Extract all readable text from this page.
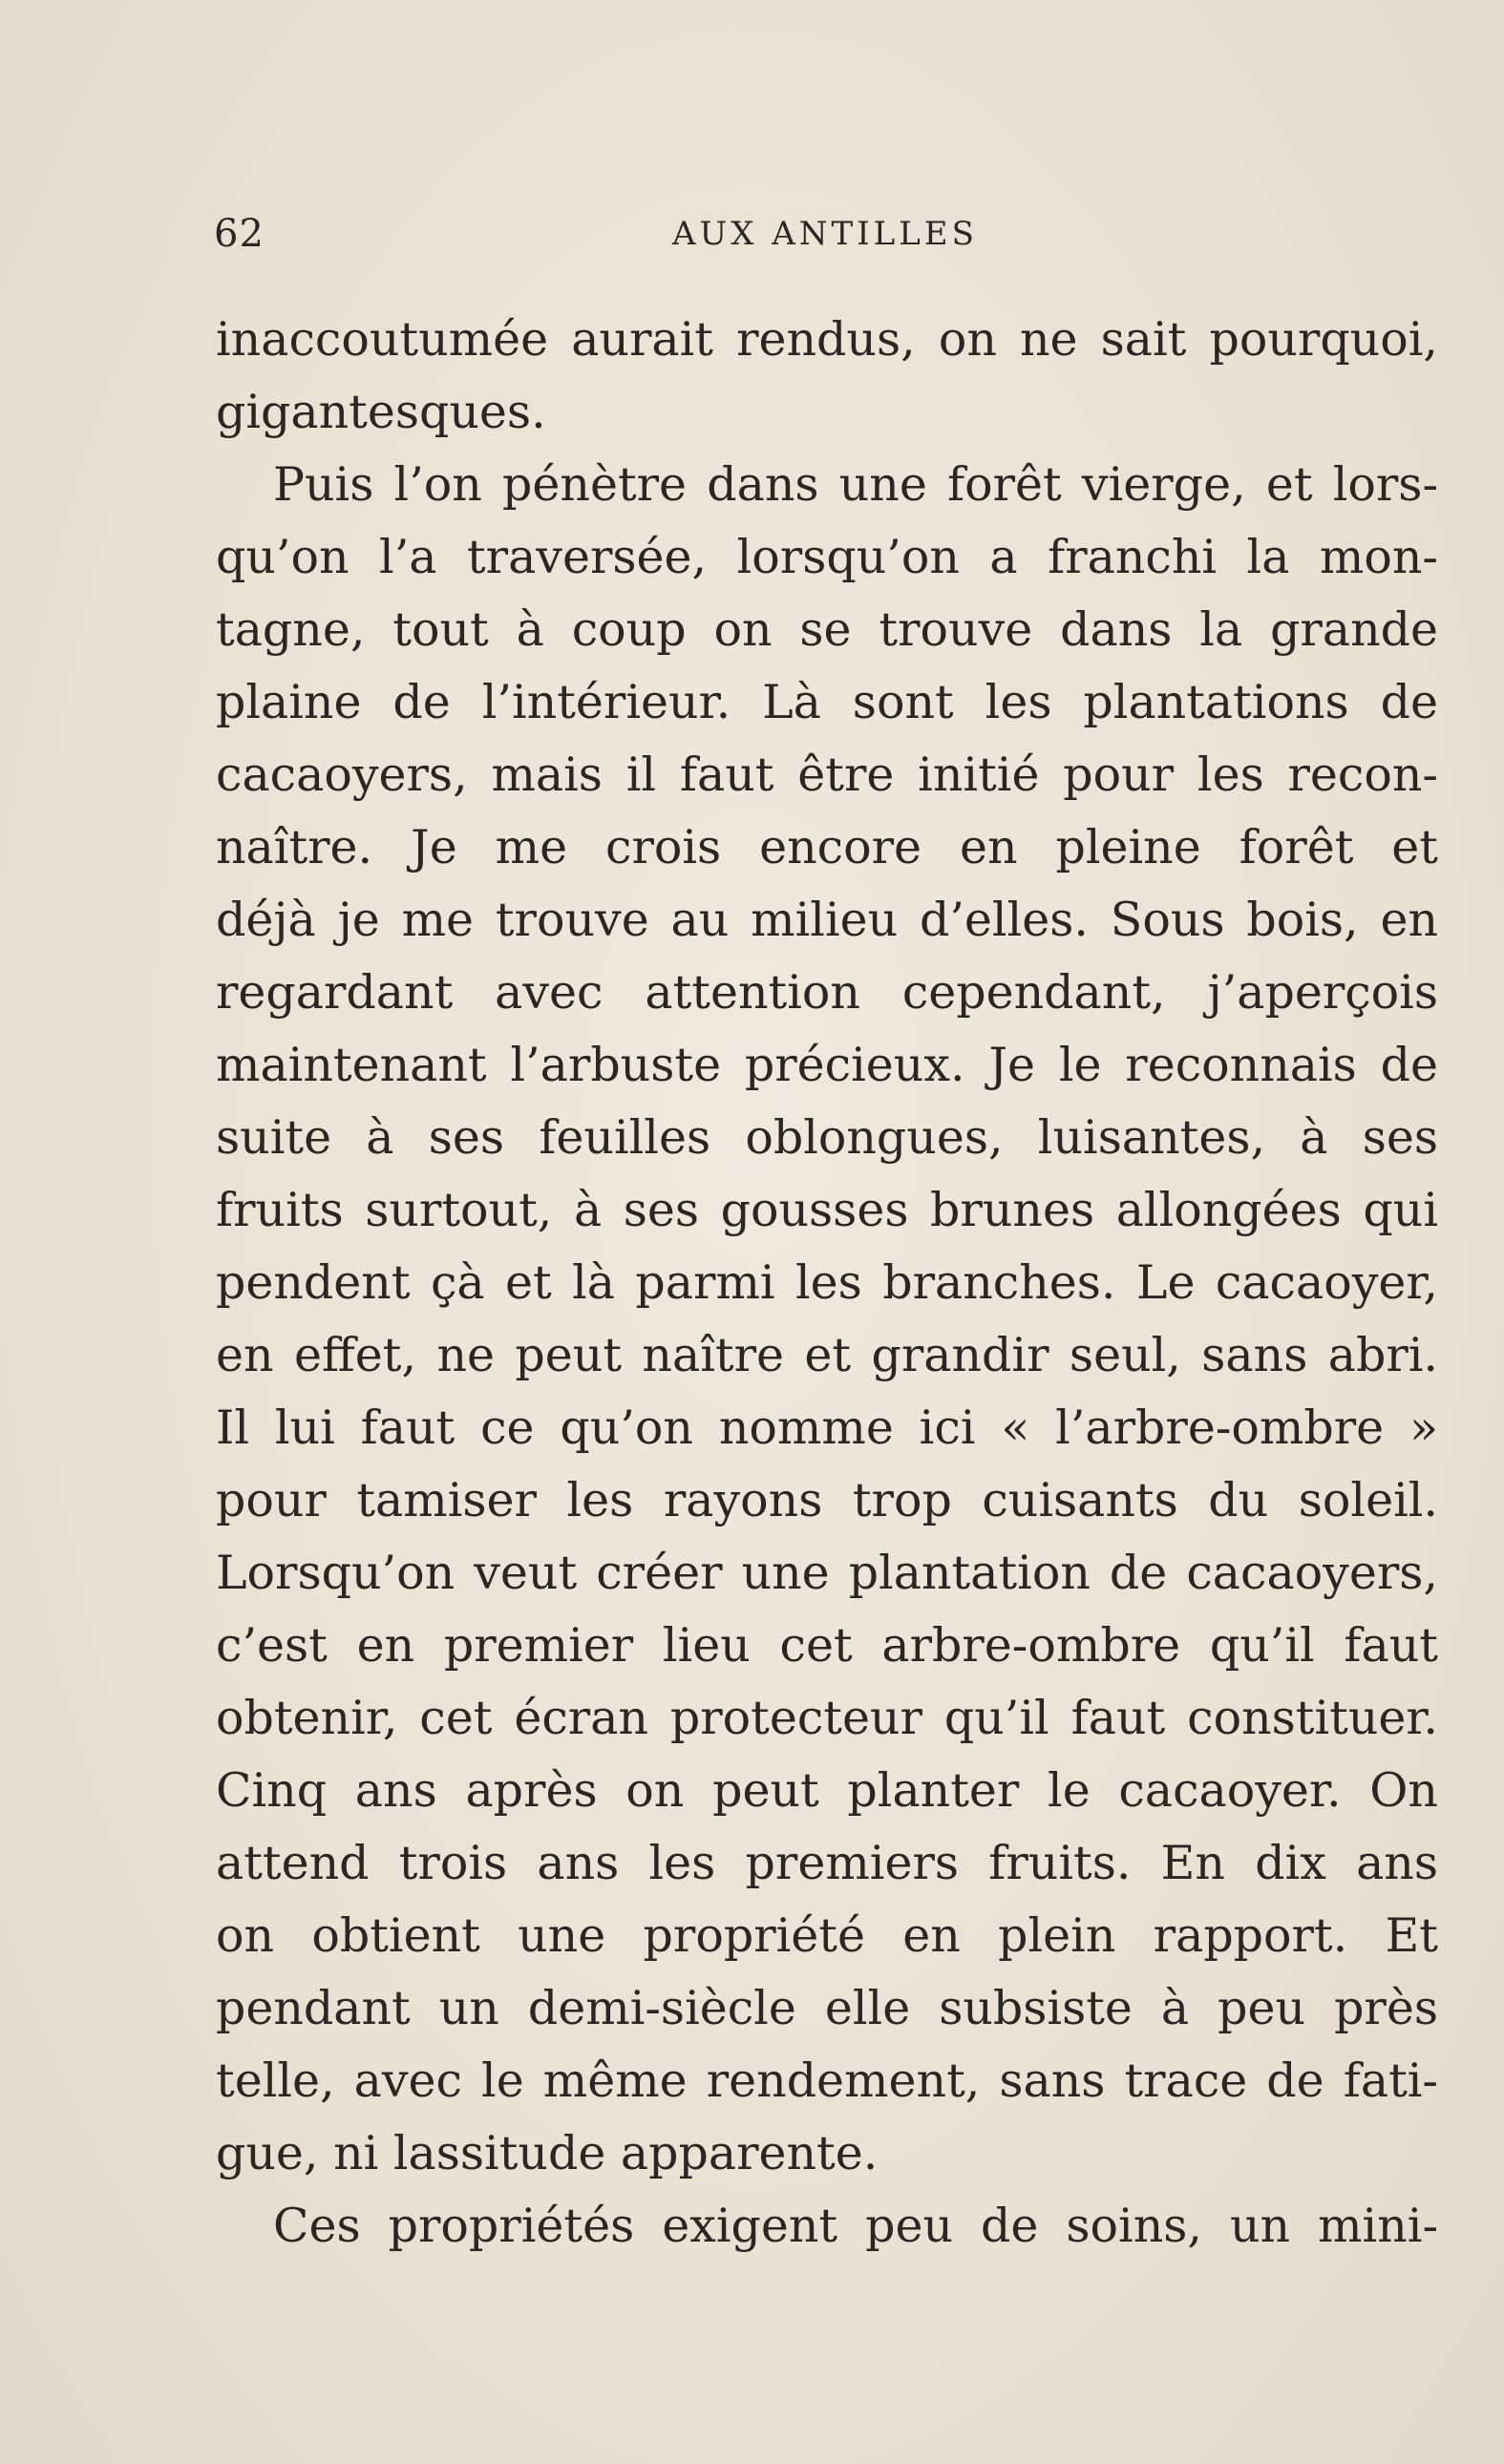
62	AUX ANTILLES
inaccoutumée aurait rendus, on ne sait pourquoi,
gigantesques.
Puis l’on pénètre dans une forêt vierge, et lors-
qu’on l’a traversée, lorsqu’on a franchi la mon-
tagne, tout à coup on se trouve dans la grande
plaine de l’intérieur. Là sont les plantations de
cacaoyers, mais il faut être initié pour les recon-
naître. Je me crois encore en pleine forêt et
déjà je me trouve au milieu d’elles. Sous bois, en
regardant avec attention cependant, j’aperçois
maintenant l’arbuste précieux. Je le reconnais de
suite à ses feuilles oblongues, luisantes, à ses
fruits surtout, à ses gousses brunes allongées qui
pendent çà et là parmi les branches. Le cacaoyer,
en effet, ne peut naître et grandir seul, sans abri.
Il lui faut ce qu’on nomme ici « l’arbre-ombre »
pour tamiser les rayons trop cuisants du soleil.
Lorsqu’on veut créer une plantation de cacaoyers,
c’est en premier lieu cet arbre-ombre qu’il faut
obtenir, cet écran protecteur qu’il faut constituer.
Cinq ans après on peut planter le cacaoyer. On
attend trois ans les premiers fruits. En dix ans
on obtient une propriété en plein rapport. Et
pendant un demi-siècle elle subsiste à peu près
telle, avec le même rendement, sans trace de fati-
gue, ni lassitude apparente.
Ces propriétés exigent peu de soins, un mini-
